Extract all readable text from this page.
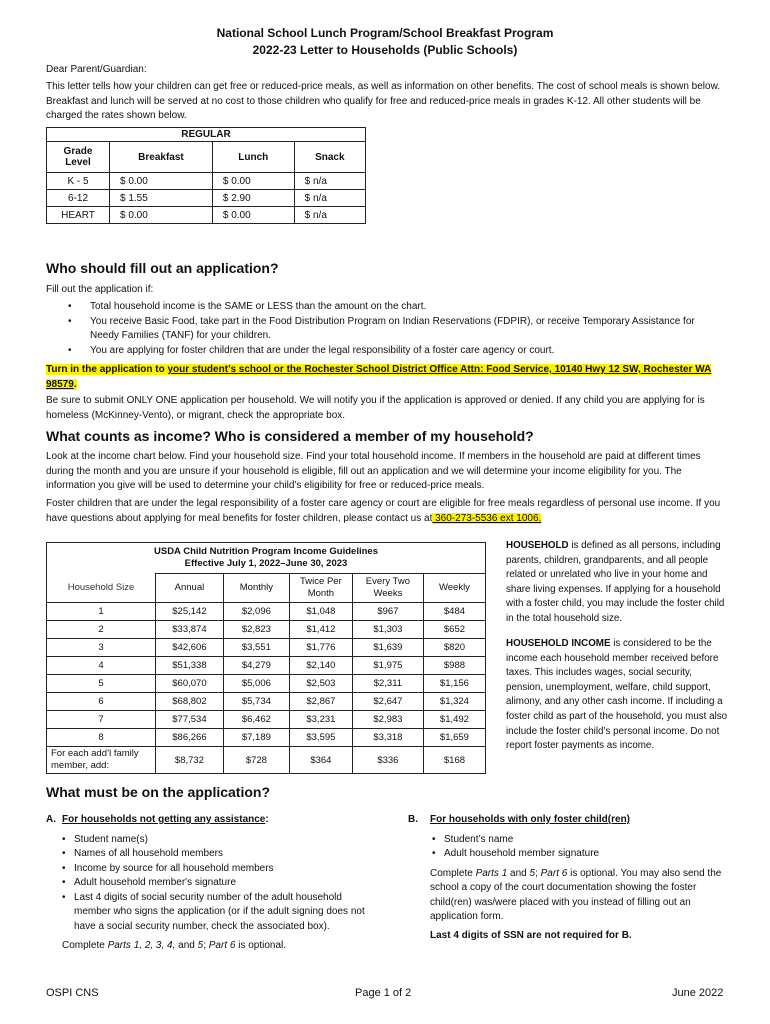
National School Lunch Program/School Breakfast Program
2022-23 Letter to Households (Public Schools)

Dear Parent/Guardian:

This letter tells how your children can get free or reduced-price meals, as well as information on other benefits. The cost of school meals is shown below. Breakfast and lunch will be served at no cost to those children who qualify for free and reduced-price meals in grades K-12. All other students will be charged the rates shown below.

REGULAR			
Grade Level	Breakfast	Lunch	Snack
K - 5	$ 0.00	$ 0.00	$ n/a
6-12	$ 1.55	$ 2.90	$ n/a
HEART	$ 0.00	$ 0.00	$ n/a
Who should fill out an application?

Fill out the application if:

• Total household income is the SAME or LESS than the amount on the chart.
• You receive Basic Food, take part in the Food Distribution Program on Indian Reservations (FDPIR), or receive Temporary Assistance for Needy Families (TANF) for your children.
• You are applying for foster children that are under the legal responsibility of a foster care agency or court.

Turn in the application to your student’s school or the Rochester School District Office Attn: Food Service, 10140 Hwy 12 SW, Rochester WA 98579.

Be sure to submit ONLY ONE application per household. We will notify you if the application is approved or denied. If any child you are applying for is homeless (McKinney-Vento), or migrant, check the appropriate box.

What counts as income? Who is considered a member of my household?

Look at the income chart below. Find your household size. Find your total household income. If members in the household are paid at different times during the month and you are unsure if your household is eligible, fill out an application and we will determine your income eligibility for you. The information you give will be used to determine your child's eligibility for free or reduced-price meals.

Foster children that are under the legal responsibility of a foster care agency or court are eligible for free meals regardless of personal use income. If you have questions about applying for meal benefits for foster children, please contact us at 360-273-5536 ext 1006.

USDA Child Nutrition Program Income Guidelines
Effective July 1, 2022–June 30, 2023					
Household Size	Annual	Monthly	Twice Per Month	Every Two Weeks	Weekly
1	$25,142	$2,096	$1,048	$967	$484
2	$33,874	$2,823	$1,412	$1,303	$652
3	$42,606	$3,551	$1,776	$1,639	$820
4	$51,338	$4,279	$2,140	$1,975	$988
5	$60,070	$5,006	$2,503	$2,311	$1,156
6	$68,802	$5,734	$2,867	$2,647	$1,324
7	$77,534	$6,462	$3,231	$2,983	$1,492
8	$86,266	$7,189	$3,595	$3,318	$1,659
For each add’l family member, add:	$8,732	$728	$364	$336	$168
HOUSEHOLD is defined as all persons, including parents, children, grandparents, and all people related or unrelated who live in your home and share living expenses. If applying for a household with a foster child, you may include the foster child in the total household size.
HOUSEHOLD INCOME is considered to be the income each household member received before taxes. This includes wages, social security, pension, unemployment, welfare, child support, alimony, and any other cash income. If including a foster child as part of the household, you must also include the foster child’s personal income. Do not report foster payments as income.
What must be on the application?
A. For households not getting any assistance:
• Student name(s)
• Names of all household members
• Income by source for all household members
• Adult household member's signature
• Last 4 digits of social security number of the adult household member who signs the application (or if the adult signing does not have a social security number, check the associated box).

Complete Parts 1, 2, 3, 4, and 5; Part 6 is optional.

B. For households with only foster child(ren)
• Student’s name
• Adult household member signature

Complete Parts 1 and 5; Part 6 is optional. You may also send the school a copy of the court documentation showing the foster child(ren) was/were placed with you instead of filling out an application form.

Last 4 digits of SSN are not required for B.

OSPI CNS	Page 1 of 2	June 2022
